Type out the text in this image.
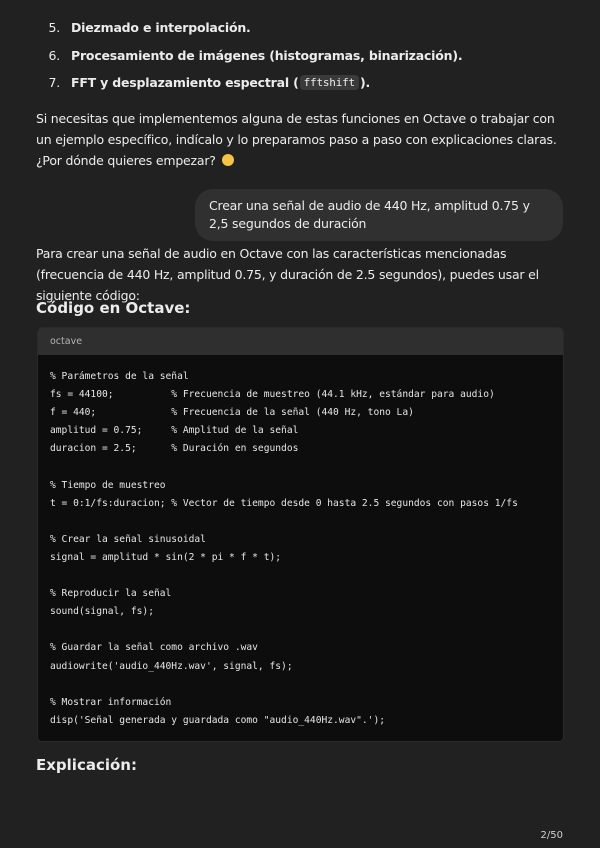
5. Diezmado e interpolación.
6. Procesamiento de imágenes (histogramas, binarización).
7. FFT y desplazamiento espectral ( fftshift ).
Si necesitas que implementemos alguna de estas funciones en Octave o trabajar con un ejemplo específico, indícalo y lo preparamos paso a paso con explicaciones claras. ¿Por dónde quieres empezar?
Crear una señal de audio de 440 Hz, amplitud 0.75 y 2,5 segundos de duración
Para crear una señal de audio en Octave con las características mencionadas (frecuencia de 440 Hz, amplitud 0.75, y duración de 2.5 segundos), puedes usar el siguiente código:
Código en Octave:
octave
% Parámetros de la señal
fs = 44100;          % Frecuencia de muestreo (44.1 kHz, estándar para audio)
f = 440;             % Frecuencia de la señal (440 Hz, tono La)
amplitud = 0.75;     % Amplitud de la señal
duracion = 2.5;      % Duración en segundos

% Tiempo de muestreo
t = 0:1/fs:duracion; % Vector de tiempo desde 0 hasta 2.5 segundos con pasos 1/fs

% Crear la señal sinusoidal
signal = amplitud * sin(2 * pi * f * t);

% Reproducir la señal
sound(signal, fs);

% Guardar la señal como archivo .wav
audiowrite('audio_440Hz.wav', signal, fs);

% Mostrar información
disp('Señal generada y guardada como "audio_440Hz.wav".');
Explicación:
2/50
